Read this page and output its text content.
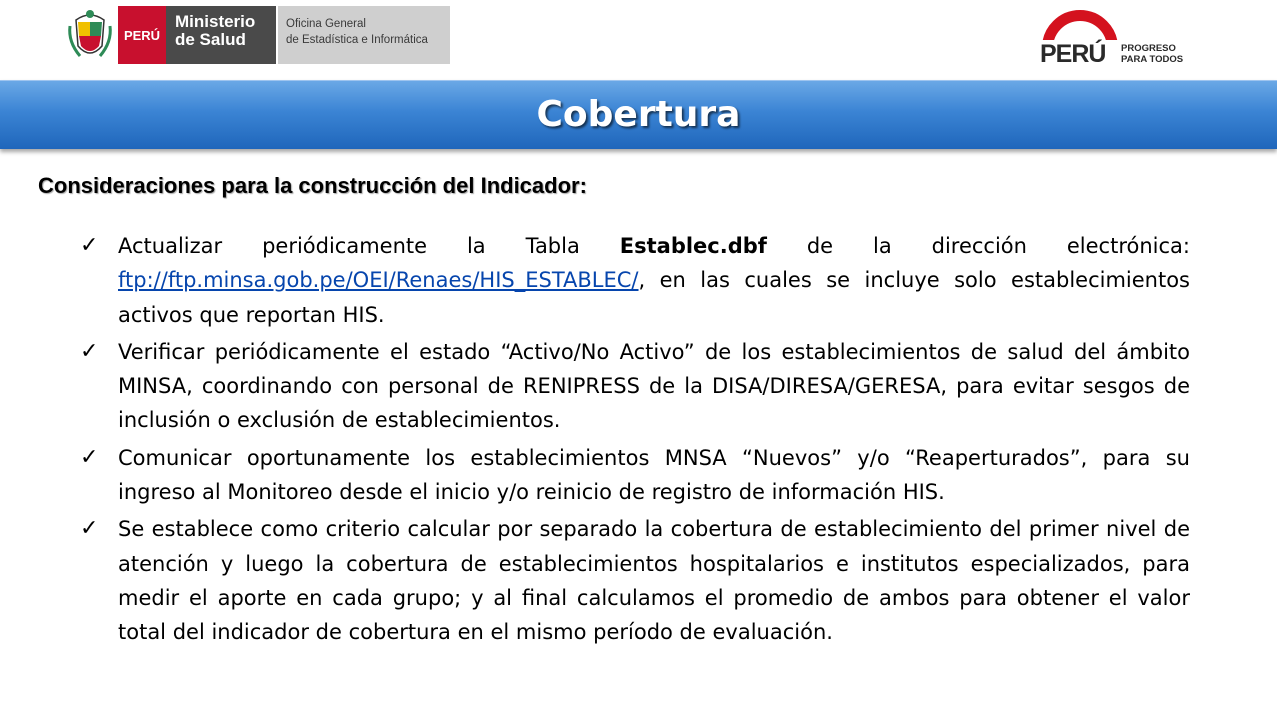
PERÚ
Ministerio
de Salud
Oficina General
de Estadística e Informática	PERÚ PROGRESO
PARA TODOS
Cobertura
Consideraciones para la construcción del Indicador:
✓ Actualizar periódicamente la Tabla Establec.dbf de la dirección electrónica: ftp://ftp.minsa.gob.pe/OEI/Renaes/HIS_ESTABLEC/, en las cuales se incluye solo establecimientos activos que reportan HIS.
✓ Verificar periódicamente el estado “Activo/No Activo” de los establecimientos de salud del ámbito MINSA, coordinando con personal de RENIPRESS de la DISA/DIRESA/GERESA, para evitar sesgos de inclusión o exclusión de establecimientos.
✓ Comunicar oportunamente los establecimientos MNSA “Nuevos” y/o “Reaperturados”, para su ingreso al Monitoreo desde el inicio y/o reinicio de registro de información HIS.
✓ Se establece como criterio calcular por separado la cobertura de establecimiento del primer nivel de atención y luego la cobertura de establecimientos hospitalarios e institutos especializados, para medir el aporte en cada grupo; y al final calculamos el promedio de ambos para obtener el valor total del indicador de cobertura en el mismo período de evaluación.
